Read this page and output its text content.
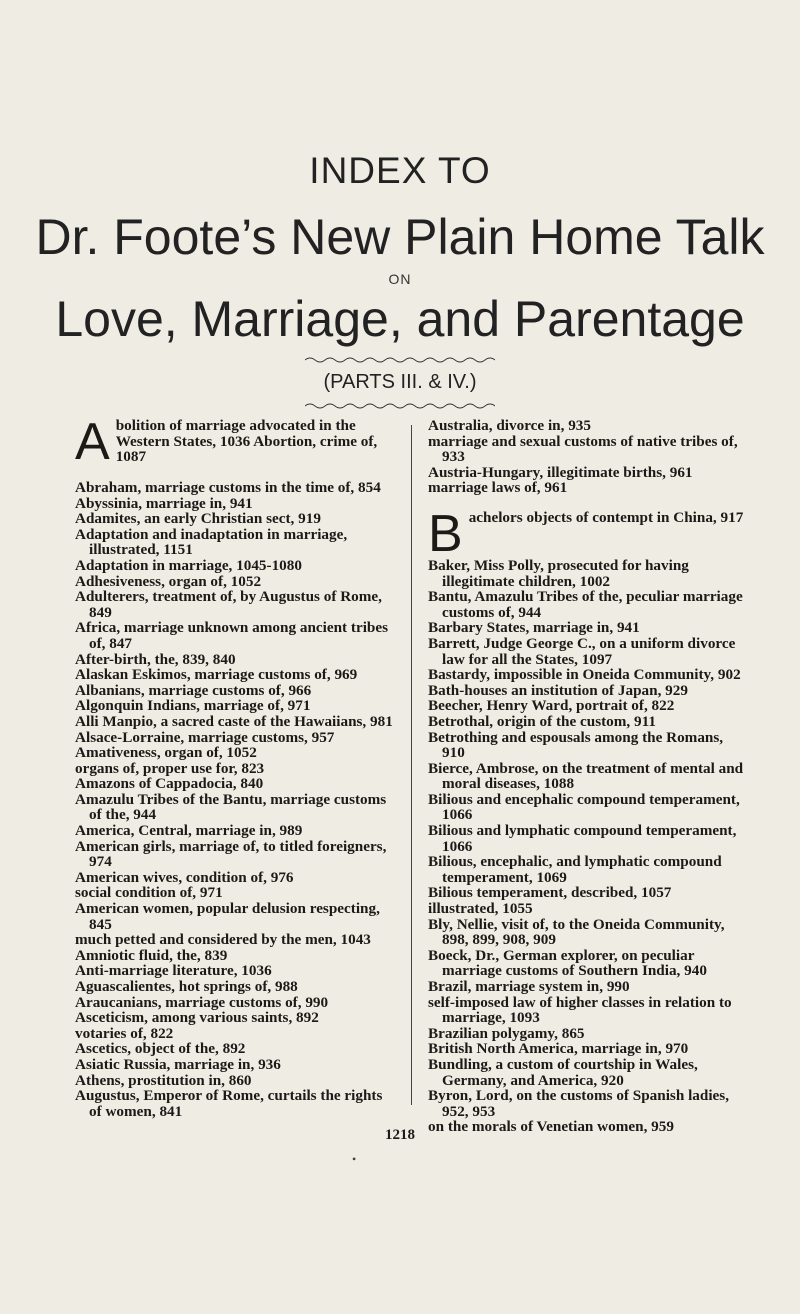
INDEX TO
Dr. Foote’s New Plain Home Talk
ON
Love, Marriage, and Parentage
(PARTS III. & IV.)
A bolition of marriage advocated in the Western States, 1036 Abortion, crime of, 1087
Abraham, marriage customs in the time of, 854
Abyssinia, marriage in, 941
Adamites, an early Christian sect, 919
Adaptation and inadaptation in marriage, illustrated, 1151
Adaptation in marriage, 1045-1080
Adhesiveness, organ of, 1052
Adulterers, treatment of, by Augustus of Rome, 849
Africa, marriage unknown among ancient tribes of, 847
After-birth, the, 839, 840
Alaskan Eskimos, marriage customs of, 969
Albanians, marriage customs of, 966
Algonquin Indians, marriage of, 971
Alli Manpio, a sacred caste of the Hawaiians, 981
Alsace-Lorraine, marriage customs, 957
Amativeness, organ of, 1052
organs of, proper use for, 823
Amazons of Cappadocia, 840
Amazulu Tribes of the Bantu, marriage customs of the, 944
America, Central, marriage in, 989
American girls, marriage of, to titled foreigners, 974
American wives, condition of, 976
social condition of, 971
American women, popular delusion respecting, 845
much petted and considered by the men, 1043
Amniotic fluid, the, 839
Anti-marriage literature, 1036
Aguascalientes, hot springs of, 988
Araucanians, marriage customs of, 990
Asceticism, among various saints, 892
votaries of, 822
Ascetics, object of the, 892
Asiatic Russia, marriage in, 936
Athens, prostitution in, 860
Augustus, Emperor of Rome, curtails the rights of women, 841
Australia, divorce in, 935
marriage and sexual customs of native tribes of, 933
Austria-Hungary, illegitimate births, 961
marriage laws of, 961
B achelors objects of contempt in China, 917
Baker, Miss Polly, prosecuted for having illegitimate children, 1002
Bantu, Amazulu Tribes of the, peculiar marriage customs of, 944
Barbary States, marriage in, 941
Barrett, Judge George C., on a uniform divorce law for all the States, 1097
Bastardy, impossible in Oneida Community, 902
Bath-houses an institution of Japan, 929
Beecher, Henry Ward, portrait of, 822
Betrothal, origin of the custom, 911
Betrothing and espousals among the Romans, 910
Bierce, Ambrose, on the treatment of mental and moral diseases, 1088
Bilious and encephalic compound temperament, 1066
Bilious and lymphatic compound temperament, 1066
Bilious, encephalic, and lymphatic compound temperament, 1069
Bilious temperament, described, 1057
illustrated, 1055
Bly, Nellie, visit of, to the Oneida Community, 898, 899, 908, 909
Boeck, Dr., German explorer, on peculiar marriage customs of Southern India, 940
Brazil, marriage system in, 990
self-imposed law of higher classes in relation to marriage, 1093
Brazilian polygamy, 865
British North America, marriage in, 970
Bundling, a custom of courtship in Wales, Germany, and America, 920
Byron, Lord, on the customs of Spanish ladies, 952, 953
on the morals of Venetian women, 959
1218
•
